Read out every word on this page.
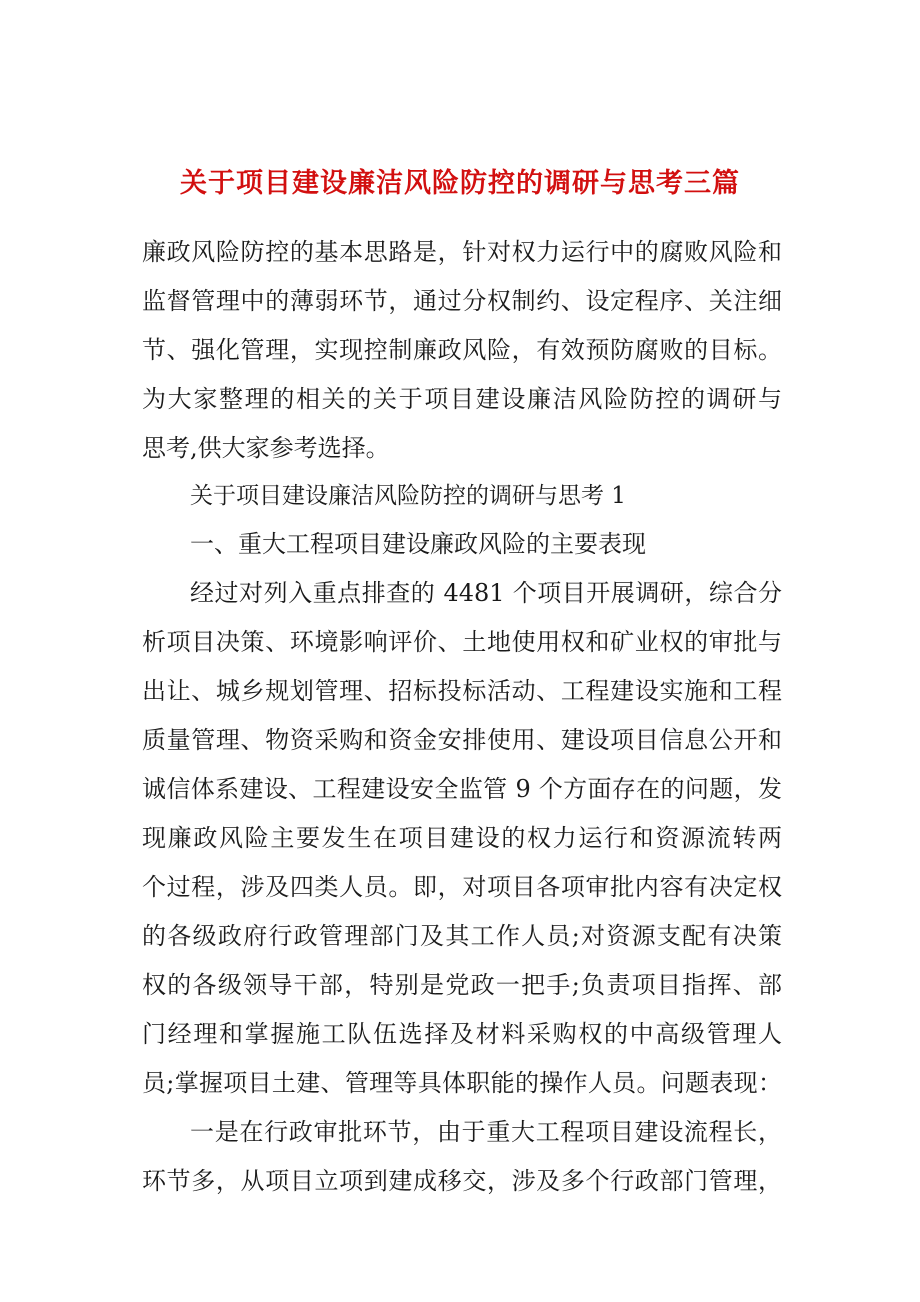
关于项目建设廉洁风险防控的调研与思考三篇
廉政风险防控的基本思路是，针对权力运行中的腐败风险和
监督管理中的薄弱环节，通过分权制约、设定程序、关注细
节、强化管理，实现控制廉政风险，有效预防腐败的目标。
为大家整理的相关的关于项目建设廉洁风险防控的调研与
思考,供大家参考选择。
关于项目建设廉洁风险防控的调研与思考 1
一、重大工程项目建设廉政风险的主要表现
经过对列入重点排查的 4481 个项目开展调研，综合分
析项目决策、环境影响评价、土地使用权和矿业权的审批与
出让、城乡规划管理、招标投标活动、工程建设实施和工程
质量管理、物资采购和资金安排使用、建设项目信息公开和
诚信体系建设、工程建设安全监管 9 个方面存在的问题，发
现廉政风险主要发生在项目建设的权力运行和资源流转两
个过程，涉及四类人员。即，对项目各项审批内容有决定权
的各级政府行政管理部门及其工作人员;对资源支配有决策
权的各级领导干部，特别是党政一把手;负责项目指挥、部
门经理和掌握施工队伍选择及材料采购权的中高级管理人
员;掌握项目土建、管理等具体职能的操作人员。问题表现：
一是在行政审批环节，由于重大工程项目建设流程长，
环节多，从项目立项到建成移交，涉及多个行政部门管理，
